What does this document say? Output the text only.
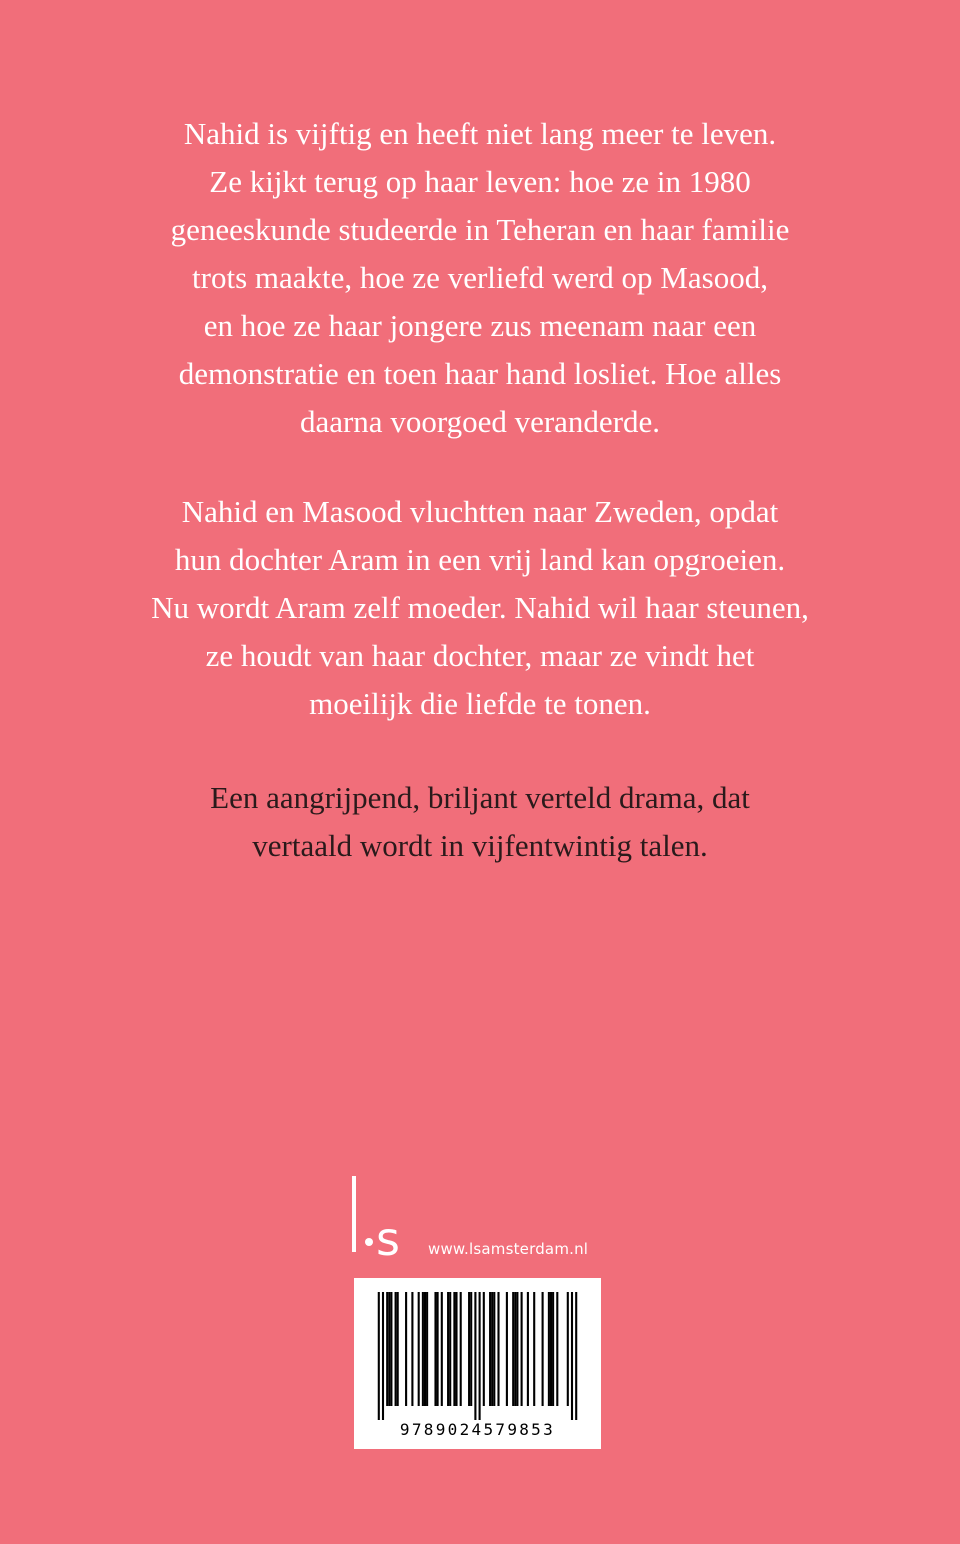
Nahid is vijftig en heeft niet lang meer te leven.
Ze kijkt terug op haar leven: hoe ze in 1980
geneeskunde studeerde in Teheran en haar familie
trots maakte, hoe ze verliefd werd op Masood,
en hoe ze haar jongere zus meenam naar een
demonstratie en toen haar hand losliet. Hoe alles
daarna voorgoed veranderde.
Nahid en Masood vluchtten naar Zweden, opdat
hun dochter Aram in een vrij land kan opgroeien.
Nu wordt Aram zelf moeder. Nahid wil haar steunen,
ze houdt van haar dochter, maar ze vindt het
moeilijk die liefde te tonen.
Een aangrijpend, briljant verteld drama, dat
vertaald wordt in vijfentwintig talen.
s www.lsamsterdam.nl
9789024579853
